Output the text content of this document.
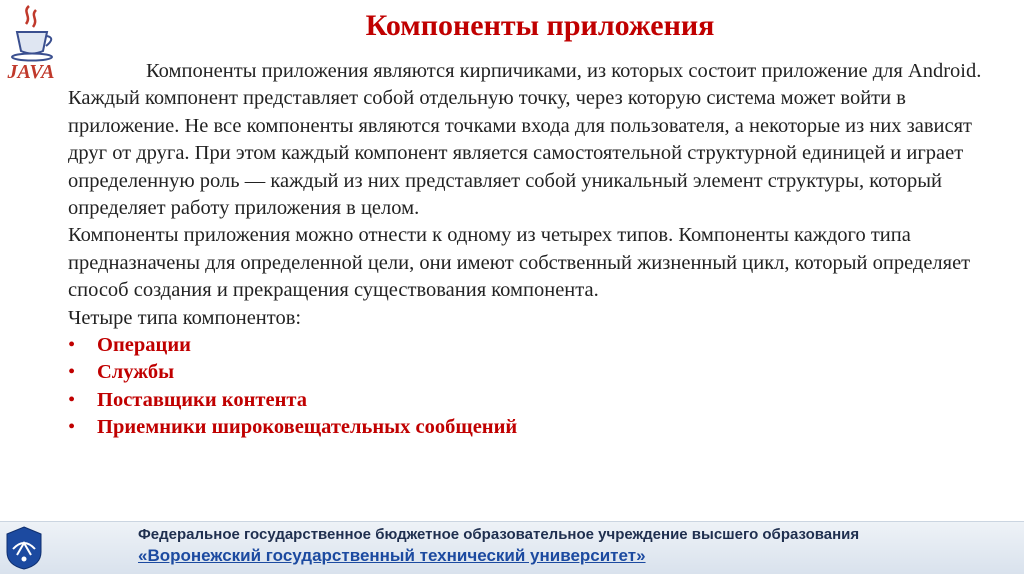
JAVA
Компоненты приложения

Компоненты приложения являются кирпичиками, из которых состоит приложение для Android. Каждый компонент представляет собой отдельную точку, через которую система может войти в приложение. Не все компоненты являются точками входа для пользователя, а некоторые из них зависят друг от друга. При этом каждый компонент является самостоятельной структурной единицей и играет определенную роль — каждый из них представляет собой уникальный элемент структуры, который определяет работу приложения в целом.

Компоненты приложения можно отнести к одному из четырех типов. Компоненты каждого типа предназначены для определенной цели, они имеют собственный жизненный цикл, который определяет способ создания и прекращения существования компонента.

Четыре типа компонентов:

• Операции
• Службы
• Поставщики контента
• Приемники широковещательных сообщений
Федеральное государственное бюджетное образовательное учреждение высшего образования
«Воронежский государственный технический университет»
